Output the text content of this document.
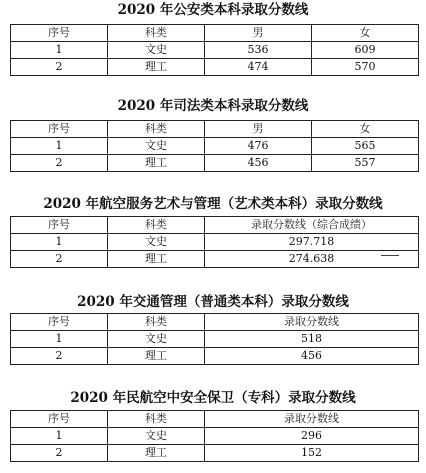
2020 年公安类本科录取分数线
序号	科类	男	女
1	文史	536	609
2	理工	474	570
2020 年司法类本科录取分数线
序号	科类	男	女
1	文史	476	565
2	理工	456	557
2020 年航空服务艺术与管理（艺术类本科）录取分数线
序号	科类	录取分数线（综合成绩）
1	文史	297.718
2	理工	274.638
2020 年交通管理（普通类本科）录取分数线
序号	科类	录取分数线
1	文史	518
2	理工	456
2020 年民航空中安全保卫（专科）录取分数线
序号	科类	录取分数线
1	文史	296
2	理工	152
